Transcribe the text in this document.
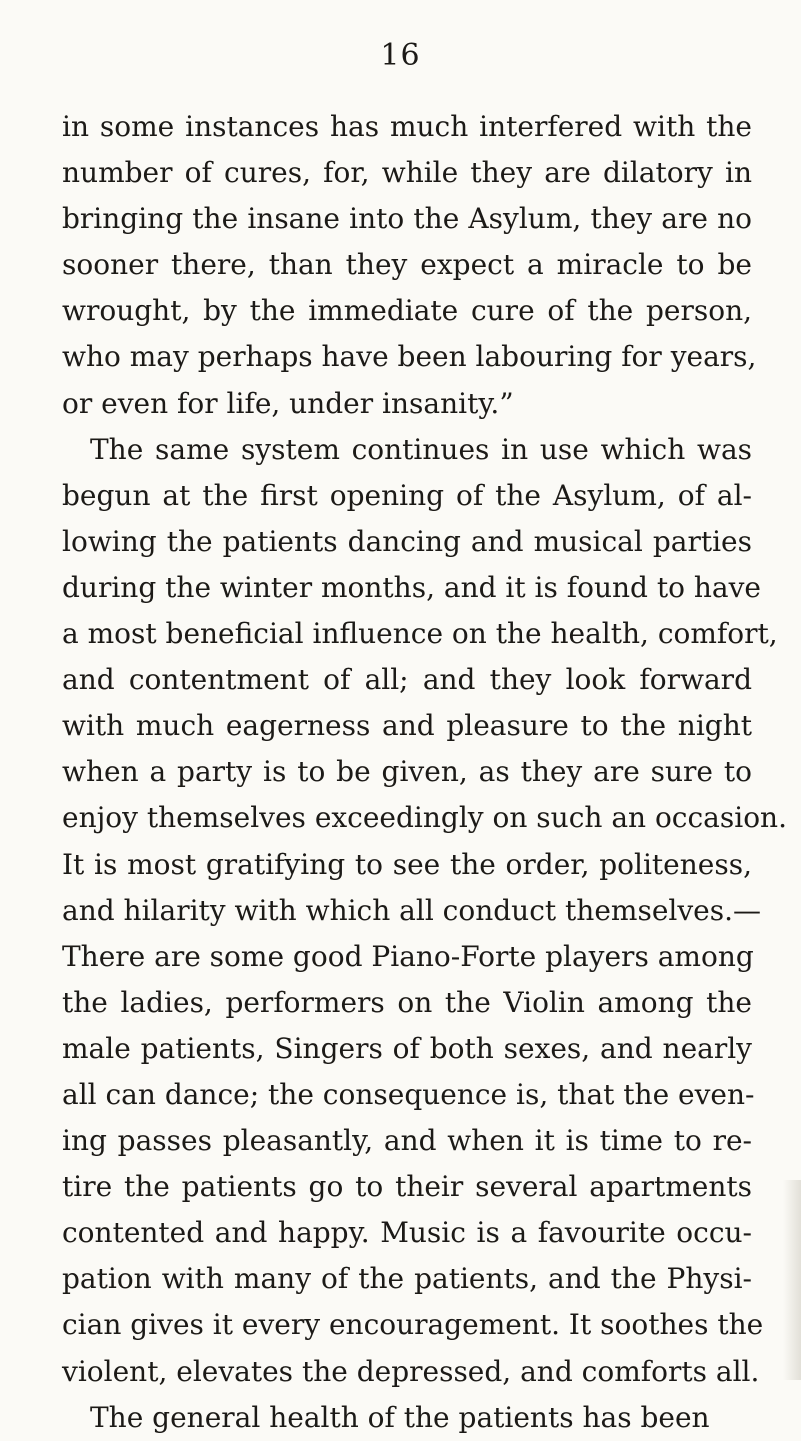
16
in some instances has much interfered with the
number of cures, for, while they are dilatory in
bringing the insane into the Asylum, they are no
sooner there, than they expect a miracle to be
wrought, by the immediate cure of the person,
who may perhaps have been labouring for years,
or even for life, under insanity.”
The same system continues in use which was
begun at the first opening of the Asylum, of al-
lowing the patients dancing and musical parties
during the winter months, and it is found to have
a most beneficial influence on the health, comfort,
and contentment of all; and they look forward
with much eagerness and pleasure to the night
when a party is to be given, as they are sure to
enjoy themselves exceedingly on such an occasion.
It is most gratifying to see the order, politeness,
and hilarity with which all conduct themselves.—
There are some good Piano-Forte players among
the ladies, performers on the Violin among the
male patients, Singers of both sexes, and nearly
all can dance; the consequence is, that the even-
ing passes pleasantly, and when it is time to re-
tire the patients go to their several apartments
contented and happy. Music is a favourite occu-
pation with many of the patients, and the Physi-
cian gives it every encouragement. It soothes the
violent, elevates the depressed, and comforts all.
The general health of the patients has been
